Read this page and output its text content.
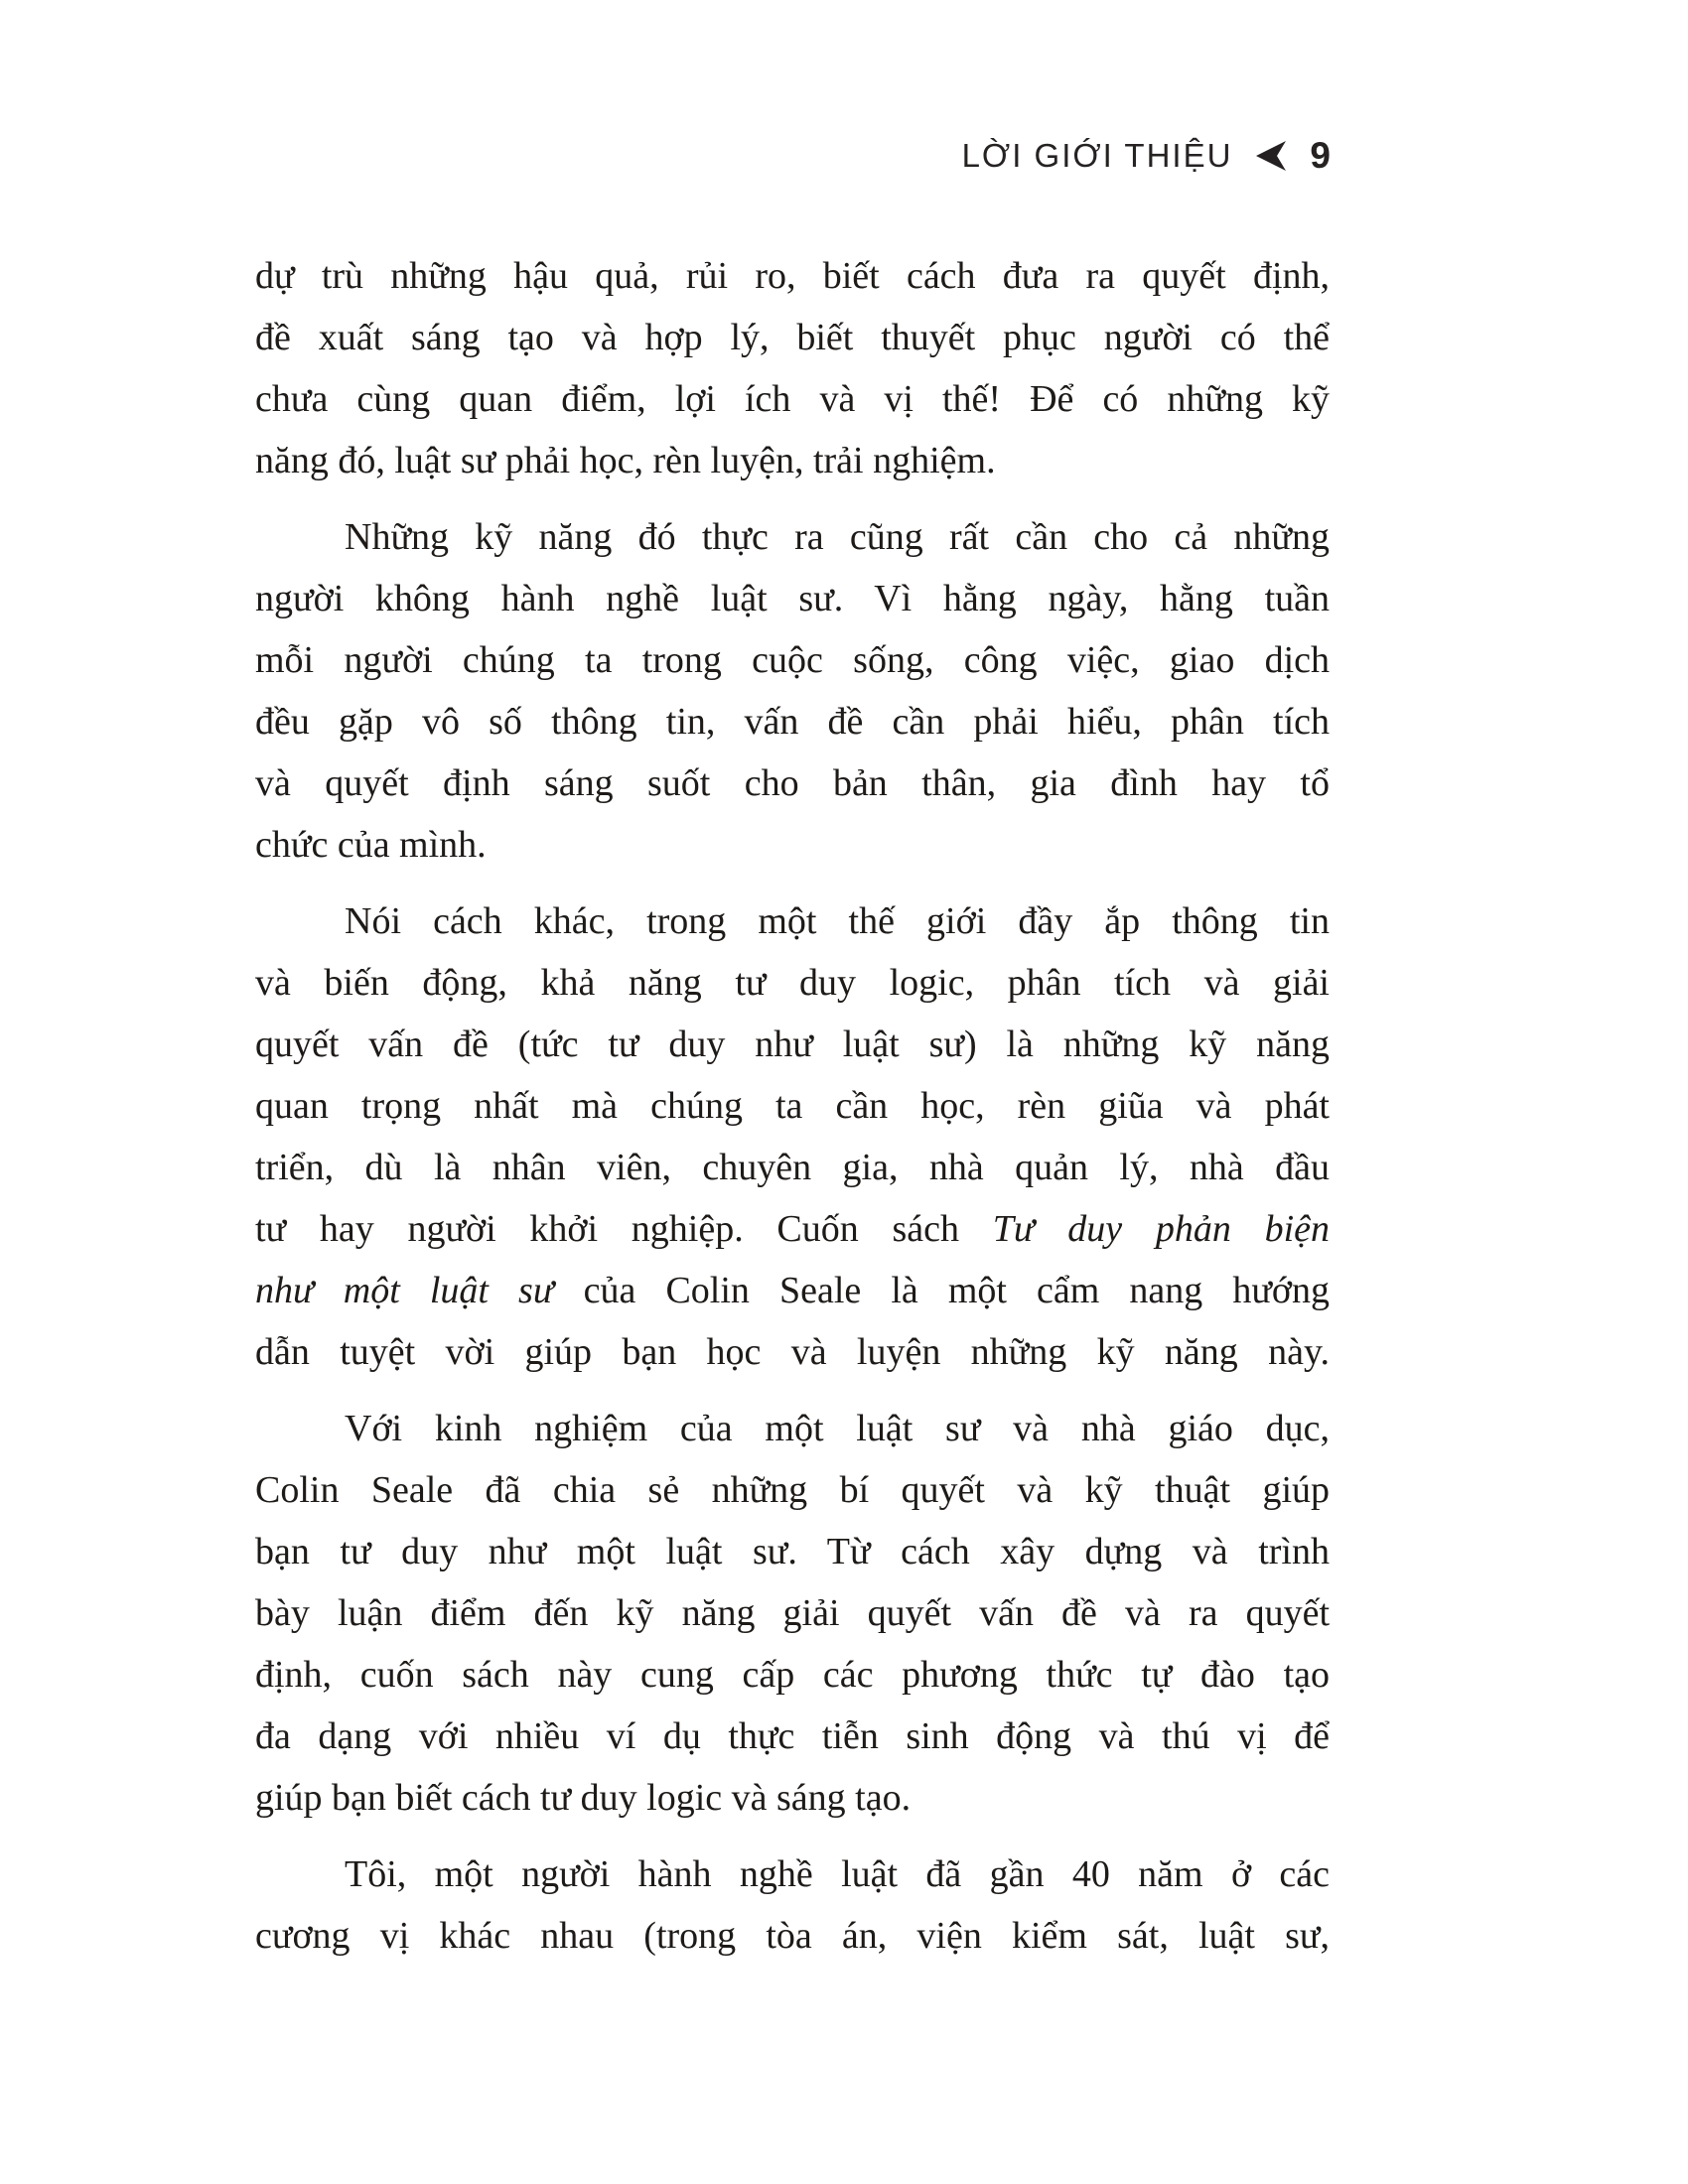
LỜI GIỚI THIỆU 9
dự trù những hậu quả, rủi ro, biết cách đưa ra quyết định,
đề xuất sáng tạo và hợp lý, biết thuyết phục người có thể
chưa cùng quan điểm, lợi ích và vị thế! Để có những kỹ
năng đó, luật sư phải học, rèn luyện, trải nghiệm.
Những kỹ năng đó thực ra cũng rất cần cho cả những
người không hành nghề luật sư. Vì hằng ngày, hằng tuần
mỗi người chúng ta trong cuộc sống, công việc, giao dịch
đều gặp vô số thông tin, vấn đề cần phải hiểu, phân tích
và quyết định sáng suốt cho bản thân, gia đình hay tổ
chức của mình.
Nói cách khác, trong một thế giới đầy ắp thông tin
và biến động, khả năng tư duy logic, phân tích và giải
quyết vấn đề (tức tư duy như luật sư) là những kỹ năng
quan trọng nhất mà chúng ta cần học, rèn giũa và phát
triển, dù là nhân viên, chuyên gia, nhà quản lý, nhà đầu
tư hay người khởi nghiệp. Cuốn sách Tư duy phản biện
như một luật sư của Colin Seale là một cẩm nang hướng
dẫn tuyệt vời giúp bạn học và luyện những kỹ năng này.
Với kinh nghiệm của một luật sư và nhà giáo dục,
Colin Seale đã chia sẻ những bí quyết và kỹ thuật giúp
bạn tư duy như một luật sư. Từ cách xây dựng và trình
bày luận điểm đến kỹ năng giải quyết vấn đề và ra quyết
định, cuốn sách này cung cấp các phương thức tự đào tạo
đa dạng với nhiều ví dụ thực tiễn sinh động và thú vị để
giúp bạn biết cách tư duy logic và sáng tạo.
Tôi, một người hành nghề luật đã gần 40 năm ở các
cương vị khác nhau (trong tòa án, viện kiểm sát, luật sư,
